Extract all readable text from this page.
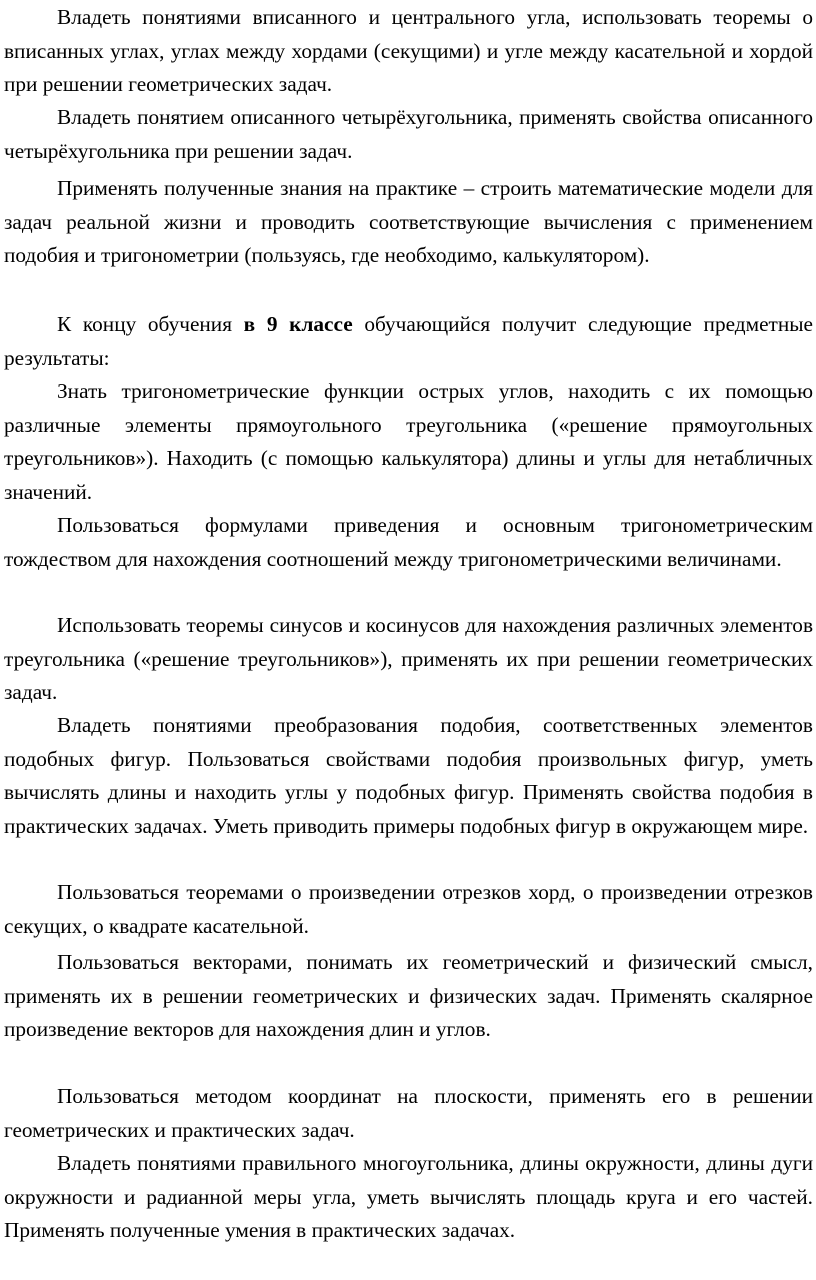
Владеть понятиями вписанного и центрального угла, использовать теоремы о вписанных углах, углах между хордами (секущими) и угле между касательной и хордой при решении геометрических задач.

Владеть понятием описанного четырёхугольника, применять свойства описанного четырёхугольника при решении задач.

Применять полученные знания на практике – строить математические модели для задач реальной жизни и проводить соответствующие вычисления с применением подобия и тригонометрии (пользуясь, где необходимо, калькулятором).

К концу обучения в 9 классе обучающийся получит следующие предметные результаты:

Знать тригонометрические функции острых углов, находить с их помощью различные элементы прямоугольного треугольника («решение прямоугольных треугольников»). Находить (с помощью калькулятора) длины и углы для нетабличных значений.

Пользоваться формулами приведения и основным тригонометрическим тождеством для нахождения соотношений между тригонометрическими величинами.

Использовать теоремы синусов и косинусов для нахождения различных элементов треугольника («решение треугольников»), применять их при решении геометрических задач.

Владеть понятиями преобразования подобия, соответственных элементов подобных фигур. Пользоваться свойствами подобия произвольных фигур, уметь вычислять длины и находить углы у подобных фигур. Применять свойства подобия в практических задачах. Уметь приводить примеры подобных фигур в окружающем мире.

Пользоваться теоремами о произведении отрезков хорд, о произведении отрезков секущих, о квадрате касательной.

Пользоваться векторами, понимать их геометрический и физический смысл, применять их в решении геометрических и физических задач. Применять скалярное произведение векторов для нахождения длин и углов.

Пользоваться методом координат на плоскости, применять его в решении геометрических и практических задач.

Владеть понятиями правильного многоугольника, длины окружности, длины дуги окружности и радианной меры угла, уметь вычислять площадь круга и его частей. Применять полученные умения в практических задачах.
